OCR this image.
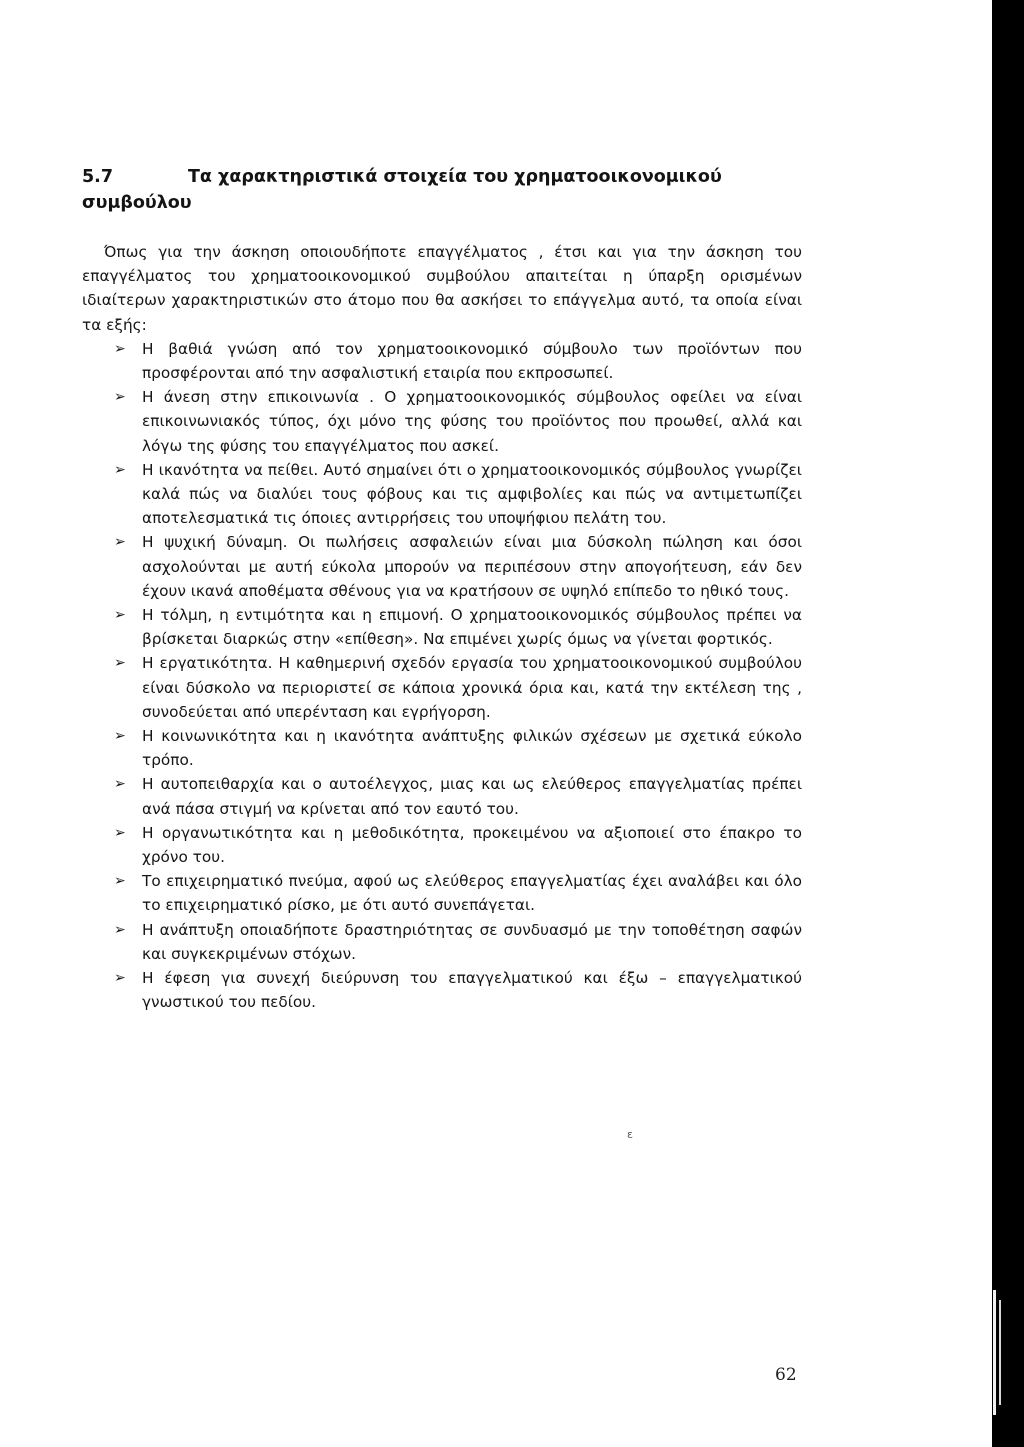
5.7	Τα χαρακτηριστικά στοιχεία του χρηματοοικονομικού συμβούλου

Όπως για την άσκηση οποιουδήποτε επαγγέλματος , έτσι και για την άσκηση του επαγγέλματος του χρηματοοικονομικού συμβούλου απαιτείται η ύπαρξη ορισμένων ιδιαίτερων χαρακτηριστικών στο άτομο που θα ασκήσει το επάγγελμα αυτό, τα οποία είναι τα εξής:

➢ Η βαθιά γνώση από τον χρηματοοικονομικό σύμβουλο των προϊόντων που προσφέρονται από την ασφαλιστική εταιρία που εκπροσωπεί.
➢ Η άνεση στην επικοινωνία . Ο χρηματοοικονομικός σύμβουλος οφείλει να είναι επικοινωνιακός τύπος, όχι μόνο της φύσης του προϊόντος που προωθεί, αλλά και λόγω της φύσης του επαγγέλματος που ασκεί.
➢ Η ικανότητα να πείθει. Αυτό σημαίνει ότι ο χρηματοοικονομικός σύμβουλος γνωρίζει καλά πώς να διαλύει τους φόβους και τις αμφιβολίες και πώς να αντιμετωπίζει αποτελεσματικά τις όποιες αντιρρήσεις του υποψήφιου πελάτη του.
➢ Η ψυχική δύναμη. Οι πωλήσεις ασφαλειών είναι μια δύσκολη πώληση και όσοι ασχολούνται με αυτή εύκολα μπορούν να περιπέσουν στην απογοήτευση, εάν δεν έχουν ικανά αποθέματα σθένους για να κρατήσουν σε υψηλό επίπεδο το ηθικό τους.
➢ Η τόλμη, η εντιμότητα και η επιμονή. Ο χρηματοοικονομικός σύμβουλος πρέπει να βρίσκεται διαρκώς στην «επίθεση». Να επιμένει χωρίς όμως να γίνεται φορτικός.
➢ Η εργατικότητα. Η καθημερινή σχεδόν εργασία του χρηματοοικονομικού συμβούλου είναι δύσκολο να περιοριστεί σε κάποια χρονικά όρια και, κατά την εκτέλεση της , συνοδεύεται από υπερένταση και εγρήγορση.
➢ Η κοινωνικότητα και η ικανότητα ανάπτυξης φιλικών σχέσεων με σχετικά εύκολο τρόπο.
➢ Η αυτοπειθαρχία και ο αυτοέλεγχος, μιας και ως ελεύθερος επαγγελματίας πρέπει ανά πάσα στιγμή να κρίνεται από τον εαυτό του.
➢ Η οργανωτικότητα και η μεθοδικότητα, προκειμένου να αξιοποιεί στο έπακρο το χρόνο του.
➢ Το επιχειρηματικό πνεύμα, αφού ως ελεύθερος επαγγελματίας έχει αναλάβει και όλο το επιχειρηματικό ρίσκο, με ότι αυτό συνεπάγεται.
➢ Η ανάπτυξη οποιαδήποτε δραστηριότητας σε συνδυασμό με την τοποθέτηση σαφών και συγκεκριμένων στόχων.
➢ Η έφεση για συνεχή διεύρυνση του επαγγελματικού και έξω – επαγγελματικού γνωστικού του πεδίου.
ε
62
